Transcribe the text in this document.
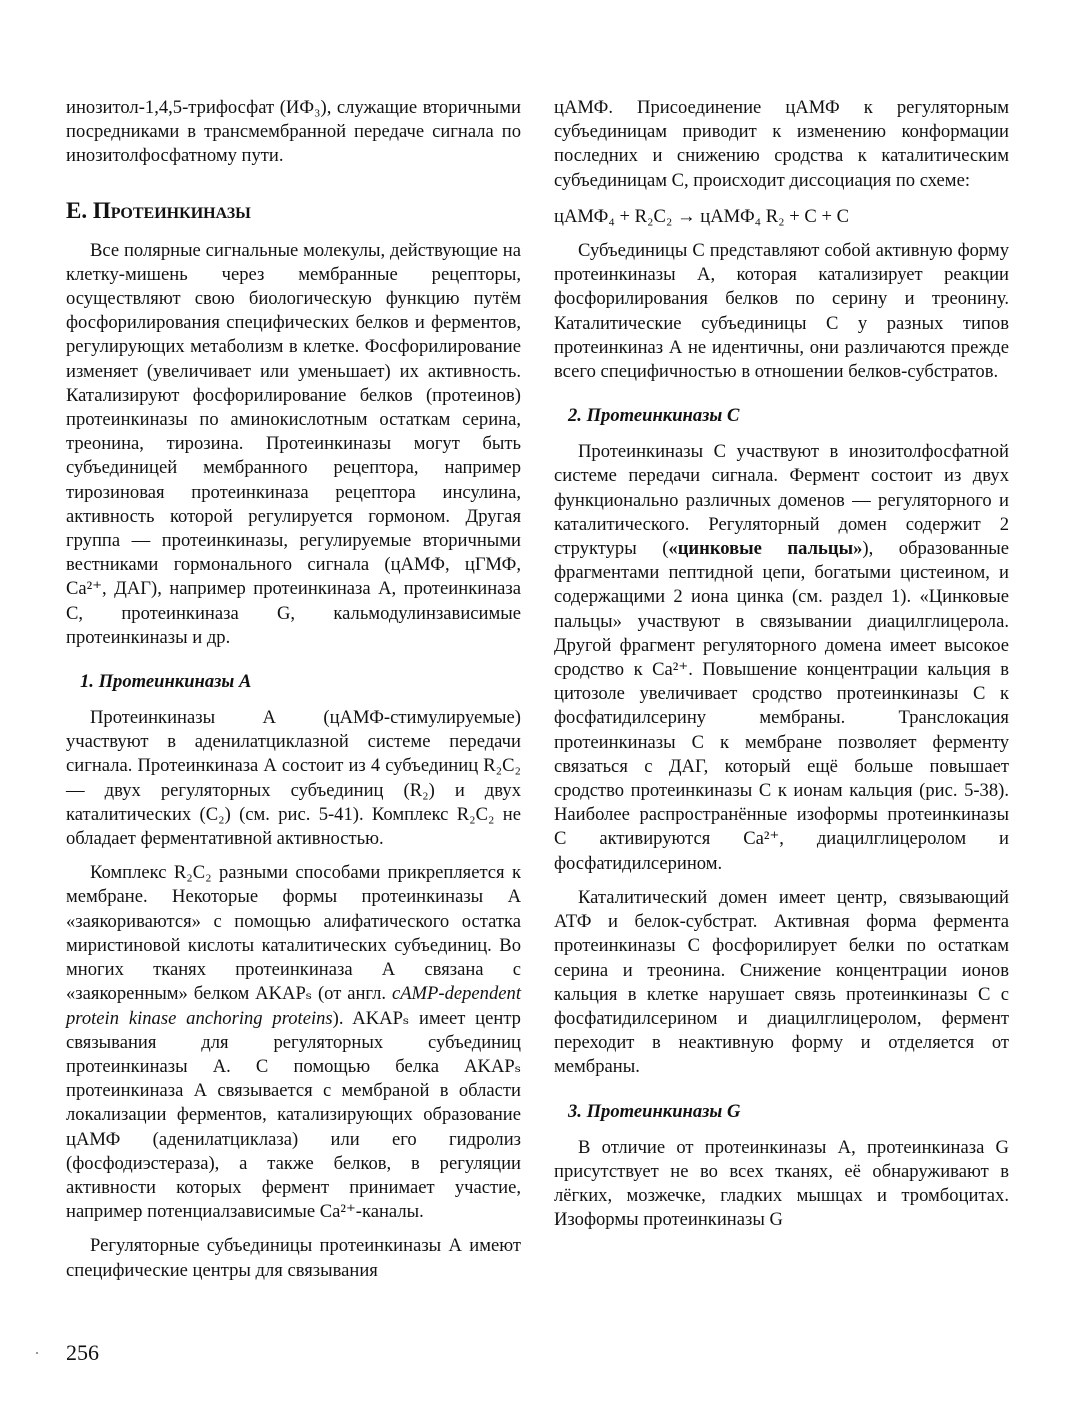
инозитол-1,4,5-трифосфат (ИФ₃), служащие вторичными посредниками в трансмембранной передаче сигнала по инозитолфосфатному пути.

Е. Протеинкиназы

Все полярные сигнальные молекулы, действующие на клетку-мишень через мембранные рецепторы, осуществляют свою биологическую функцию путём фосфорилирования специфических белков и ферментов, регулирующих метаболизм в клетке. Фосфорилирование изменяет (увеличивает или уменьшает) их активность. Катализируют фосфорилирование белков (протеинов) протеинкиназы по аминокислотным остаткам серина, треонина, тирозина. Протеинкиназы могут быть субъединицей мембранного рецептора, например тирозиновая протеинкиназа рецептора инсулина, активность которой регулируется гормоном. Другая группа — протеинкиназы, регулируемые вторичными вестниками гормонального сигнала (цАМФ, цГМФ, Ca²⁺, ДАГ), например протеинкиназа А, протеинкиназа С, протеинкиназа G, кальмодулинзависимые протеинкиназы и др.

1. Протеинкиназы А

Протеинкиназы А (цАМФ-стимулируемые) участвуют в аденилатциклазной системе передачи сигнала. Протеинкиназа А состоит из 4 субъединиц R₂C₂ — двух регуляторных субъединиц (R₂) и двух каталитических (C₂) (см. рис. 5-41). Комплекс R₂C₂ не обладает ферментативной активностью.

Комплекс R₂C₂ разными способами прикрепляется к мембране. Некоторые формы протеинкиназы А «заякориваются» с помощью алифатического остатка миристиновой кислоты каталитических субъединиц. Во многих тканях протеинкиназа А связана с «заякоренным» белком AKAPₛ (от англ. cAMP-dependent protein kinase anchoring proteins). AKAPₛ имеет центр связывания для регуляторных субъединиц протеинкиназы А. С помощью белка AKAPₛ протеинкиназа А связывается с мембраной в области локализации ферментов, катализирующих образование цАМФ (аденилатциклаза) или его гидролиз (фосфодиэстераза), а также белков, в регуляции активности которых фермент принимает участие, например потенциалзависимые Ca²⁺-каналы.

Регуляторные субъединицы протеинкиназы А имеют специфические центры для связывания

цАМФ. Присоединение цАМФ к регуляторным субъединицам приводит к изменению конформации последних и снижению сродства к каталитическим субъединицам С, происходит диссоциация по схеме:

цАМФ₄ + R₂C₂ → цАМФ₄ R₂ + C + C

Субъединицы С представляют собой активную форму протеинкиназы А, которая катализирует реакции фосфорилирования белков по серину и треонину. Каталитические субъединицы С у разных типов протеинкиназ А не идентичны, они различаются прежде всего специфичностью в отношении белков-субстратов.

2. Протеинкиназы С

Протеинкиназы С участвуют в инозитолфосфатной системе передачи сигнала. Фермент состоит из двух функционально различных доменов — регуляторного и каталитического. Регуляторный домен содержит 2 структуры («цинковые пальцы»), образованные фрагментами пептидной цепи, богатыми цистеином, и содержащими 2 иона цинка (см. раздел 1). «Цинковые пальцы» участвуют в связывании диацилглицерола. Другой фрагмент регуляторного домена имеет высокое сродство к Ca²⁺. Повышение концентрации кальция в цитозоле увеличивает сродство протеинкиназы С к фосфатидилсерину мембраны. Транслокация протеинкиназы С к мембране позволяет ферменту связаться с ДАГ, который ещё больше повышает сродство протеинкиназы С к ионам кальция (рис. 5-38). Наиболее распространённые изоформы протеинкиназы С активируются Ca²⁺, диацилглицеролом и фосфатидилсерином.

Каталитический домен имеет центр, связывающий АТФ и белок-субстрат. Активная форма фермента протеинкиназы С фосфорилирует белки по остаткам серина и треонина. Снижение концентрации ионов кальция в клетке нарушает связь протеинкиназы С с фосфатидилсерином и диацилглицеролом, фермент переходит в неактивную форму и отделяется от мембраны.

3. Протеинкиназы G

В отличие от протеинкиназы А, протеинкиназа G присутствует не во всех тканях, её обнаруживают в лёгких, мозжечке, гладких мышцах и тромбоцитах. Изоформы протеинкиназы G

256
